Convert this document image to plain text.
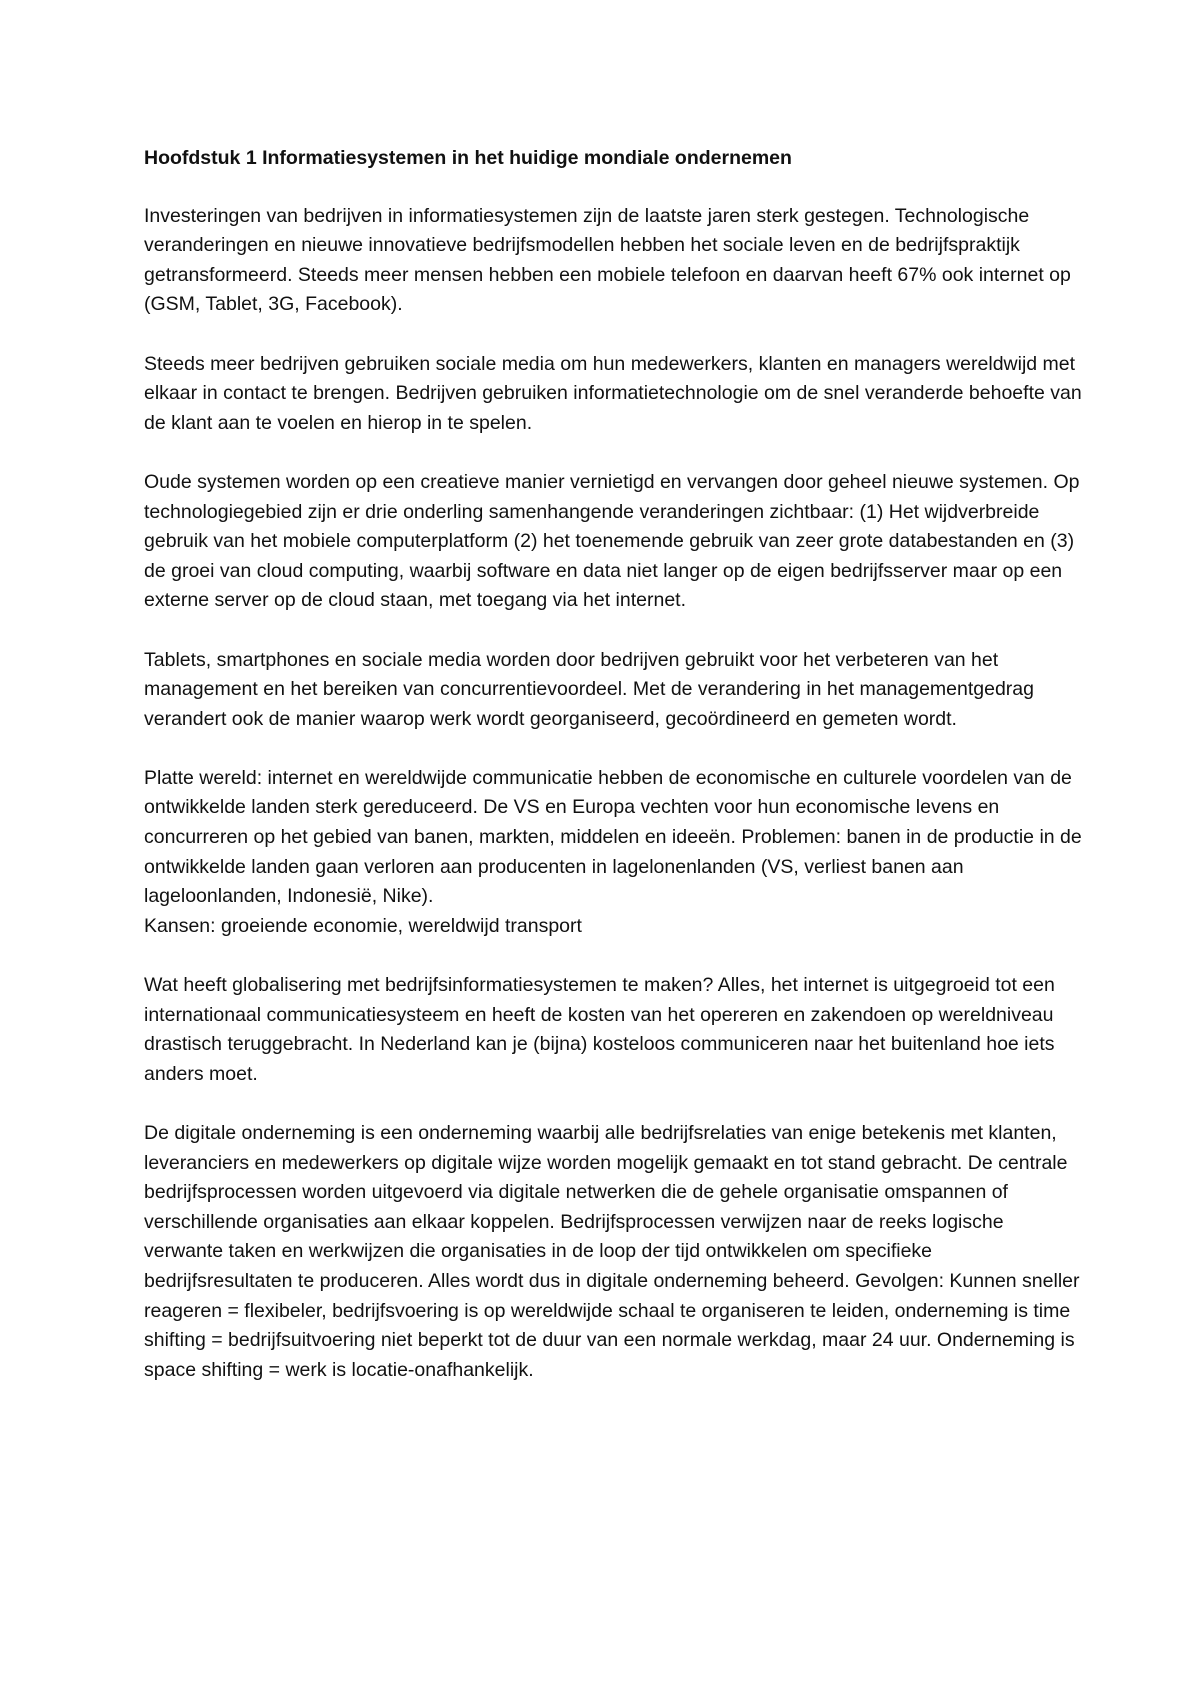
Hoofdstuk 1 Informatiesystemen in het huidige mondiale ondernemen

Investeringen van bedrijven in informatiesystemen zijn de laatste jaren sterk gestegen. Technologische veranderingen en nieuwe innovatieve bedrijfsmodellen hebben het sociale leven en de bedrijfspraktijk getransformeerd. Steeds meer mensen hebben een mobiele telefoon en daarvan heeft 67% ook internet op (GSM, Tablet, 3G, Facebook).

Steeds meer bedrijven gebruiken sociale media om hun medewerkers, klanten en managers wereldwijd met elkaar in contact te brengen. Bedrijven gebruiken informatietechnologie om de snel veranderde behoefte van de klant aan te voelen en hierop in te spelen.

Oude systemen worden op een creatieve manier vernietigd en vervangen door geheel nieuwe systemen. Op technologiegebied zijn er drie onderling samenhangende veranderingen zichtbaar: (1) Het wijdverbreide gebruik van het mobiele computerplatform (2) het toenemende gebruik van zeer grote databestanden en (3) de groei van cloud computing, waarbij software en data niet langer op de eigen bedrijfsserver maar op een externe server op de cloud staan, met toegang via het internet.

Tablets, smartphones en sociale media worden door bedrijven gebruikt voor het verbeteren van het management en het bereiken van concurrentievoordeel. Met de verandering in het managementgedrag verandert ook de manier waarop werk wordt georganiseerd, gecoördineerd en gemeten wordt.

Platte wereld: internet en wereldwijde communicatie hebben de economische en culturele voordelen van de ontwikkelde landen sterk gereduceerd. De VS en Europa vechten voor hun economische levens en concurreren op het gebied van banen, markten, middelen en ideeën. Problemen: banen in de productie in de ontwikkelde landen gaan verloren aan producenten in lagelonenlanden (VS, verliest banen aan lageloonlanden, Indonesië, Nike).

Kansen: groeiende economie, wereldwijd transport

Wat heeft globalisering met bedrijfsinformatiesystemen te maken? Alles, het internet is uitgegroeid tot een internationaal communicatiesysteem en heeft de kosten van het opereren en zakendoen op wereldniveau drastisch teruggebracht. In Nederland kan je (bijna) kosteloos communiceren naar het buitenland hoe iets anders moet.

De digitale onderneming is een onderneming waarbij alle bedrijfsrelaties van enige betekenis met klanten, leveranciers en medewerkers op digitale wijze worden mogelijk gemaakt en tot stand gebracht. De centrale bedrijfsprocessen worden uitgevoerd via digitale netwerken die de gehele organisatie omspannen of verschillende organisaties aan elkaar koppelen. Bedrijfsprocessen verwijzen naar de reeks logische verwante taken en werkwijzen die organisaties in de loop der tijd ontwikkelen om specifieke bedrijfsresultaten te produceren. Alles wordt dus in digitale onderneming beheerd. Gevolgen: Kunnen sneller reageren = flexibeler, bedrijfsvoering is op wereldwijde schaal te organiseren te leiden, onderneming is time shifting = bedrijfsuitvoering niet beperkt tot de duur van een normale werkdag, maar 24 uur. Onderneming is space shifting = werk is locatie-onafhankelijk.
